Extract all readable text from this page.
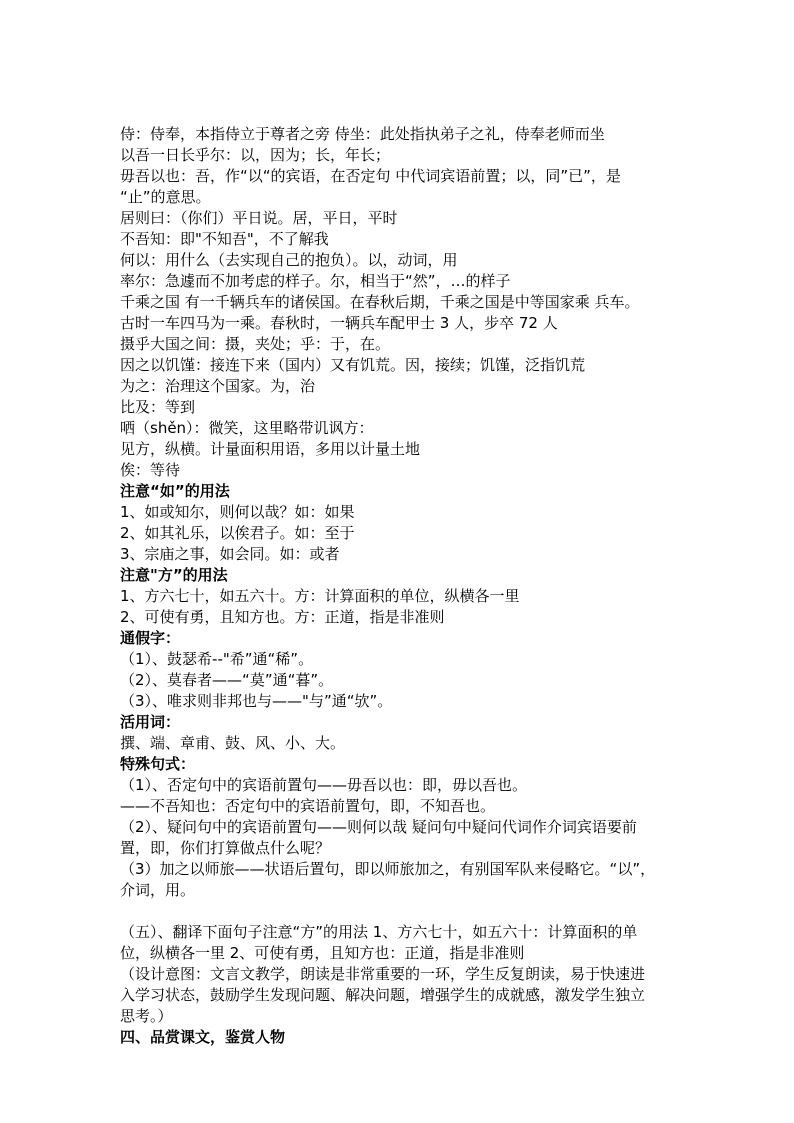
侍：侍奉，本指侍立于尊者之旁 侍坐：此处指执弟子之礼，侍奉老师而坐
以吾一日长乎尔：以，因为；长，年长；
毋吾以也：吾，作“以“的宾语，在否定句 中代词宾语前置；以，同”已”，是
“止”的意思。
居则曰：（你们）平日说。居，平日，平时
不吾知：即"不知吾"，不了解我
何以：用什么（去实现自己的抱负）。以，动词，用
率尔：急遽而不加考虑的样子。尔，相当于“然”，…的样子
千乘之国 有一千辆兵车的诸侯国。在春秋后期，千乘之国是中等国家乘 兵车。
古时一车四马为一乘。春秋时，一辆兵车配甲士 3 人，步卒 72 人
摄乎大国之间：摄，夹处；乎：于，在。
因之以饥馑：接连下来（国内）又有饥荒。因，接续；饥馑，泛指饥荒
为之：治理这个国家。为，治
比及：等到
哂（shěn）：微笑，这里略带讥讽方：
见方，纵横。计量面积用语，多用以计量土地
俟：等待
注意“如”的用法
1、如或知尔，则何以哉？如：如果
2、如其礼乐，以俟君子。如：至于
3、宗庙之事，如会同。如：或者
注意"方”的用法
1、方六七十，如五六十。方：计算面积的单位，纵横各一里
2、可使有勇，且知方也。方：正道，指是非准则
通假字：
（1）、鼓瑟希--"希”通“稀”。
（2）、莫春者——“莫”通“暮”。
（3）、唯求则非邦也与——"与”通“欤”。
活用词：
撰、端、章甫、鼓、风、小、大。
特殊句式：
（1）、否定句中的宾语前置句——毋吾以也：即，毋以吾也。
——不吾知也：否定句中的宾语前置句，即，不知吾也。
（2）、疑问句中的宾语前置句——则何以哉 疑问句中疑问代词作介词宾语要前
置，即，你们打算做点什么呢？
（3）加之以师旅——状语后置句，即以师旅加之，有别国军队来侵略它。“以”，
介词，用。
（五）、翻译下面句子注意“方”的用法 1、方六七十，如五六十：计算面积的单
位，纵横各一里 2、可使有勇，且知方也：正道，指是非准则
（设计意图：文言文教学，朗读是非常重要的一环，学生反复朗读，易于快速进
入学习状态，鼓励学生发现问题、解决问题，增强学生的成就感，激发学生独立
思考。）
四、品赏课文，鉴赏人物
